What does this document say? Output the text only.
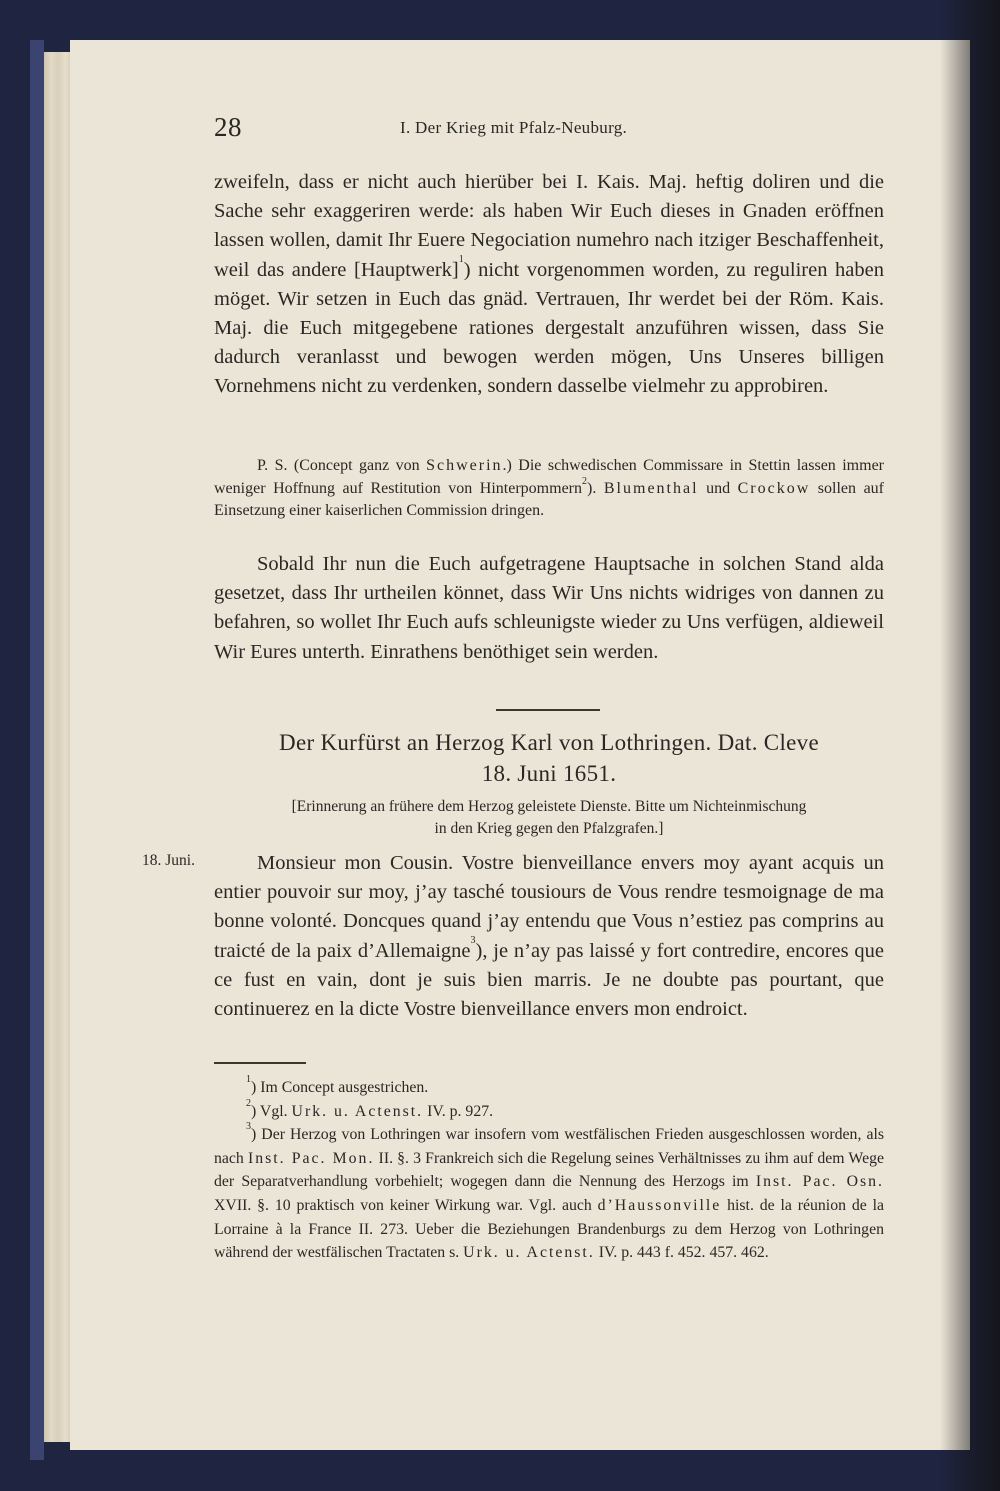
28	I. Der Krieg mit Pfalz-Neuburg.

zweifeln, dass er nicht auch hierüber bei I. Kais. Maj. heftig doliren und die Sache sehr exaggeriren werde: als haben Wir Euch dieses in Gnaden eröffnen lassen wollen, damit Ihr Euere Negociation numehro nach itziger Beschaffenheit, weil das andere [Hauptwerk]$^1$) nicht vorgenommen worden, zu reguliren haben möget. Wir setzen in Euch das gnäd. Vertrauen, Ihr werdet bei der Röm. Kais. Maj. die Euch mitgegebene rationes dergestalt anzuführen wissen, dass Sie dadurch veranlasst und bewogen werden mögen, Uns Unseres billigen Vornehmens nicht zu verdenken, sondern dasselbe vielmehr zu approbiren.

P. S. (Concept ganz von Schwerin.) Die schwedischen Commissare in Stettin lassen immer weniger Hoffnung auf Restitution von Hinterpommern$^2$). Blumenthal und Crockow sollen auf Einsetzung einer kaiserlichen Commission dringen.

Sobald Ihr nun die Euch aufgetragene Hauptsache in solchen Stand alda gesetzet, dass Ihr urtheilen könnet, dass Wir Uns nichts widriges von dannen zu befahren, so wollet Ihr Euch aufs schleunigste wieder zu Uns verfügen, aldieweil Wir Eures unterth. Einrathens benöthiget sein werden.

Der Kurfürst an Herzog Karl von Lothringen. Dat. Cleve
18. Juni 1651.
[Erinnerung an frühere dem Herzog geleistete Dienste. Bitte um Nichteinmischung
in den Krieg gegen den Pfalzgrafen.]
18. Juni.	Monsieur mon Cousin. Vostre bienveillance envers moy ayant acquis un entier pouvoir sur moy, j’ay tasché tousiours de Vous rendre tesmoignage de ma bonne volonté. Doncques quand j’ay entendu que Vous n’estiez pas comprins au traicté de la paix d’Allemaigne$^3$), je n’ay pas laissé y fort contredire, encores que ce fust en vain, dont je suis bien marris. Je ne doubte pas pourtant, que continuerez en la dicte Vostre bienveillance envers mon endroict.

$^1$) Im Concept ausgestrichen.

$^2$) Vgl. Urk. u. Actenst. IV. p. 927.

$^3$) Der Herzog von Lothringen war insofern vom westfälischen Frieden ausgeschlossen worden, als nach Inst. Pac. Mon. II. §. 3 Frankreich sich die Regelung seines Verhältnisses zu ihm auf dem Wege der Separatverhandlung vorbehielt; wogegen dann die Nennung des Herzogs im Inst. Pac. Osn. XVII. §. 10 praktisch von keiner Wirkung war. Vgl. auch d’Haussonville hist. de la réunion de la Lorraine à la France II. 273. Ueber die Beziehungen Brandenburgs zu dem Herzog von Lothringen während der westfälischen Tractaten s. Urk. u. Actenst. IV. p. 443 f. 452. 457. 462.
